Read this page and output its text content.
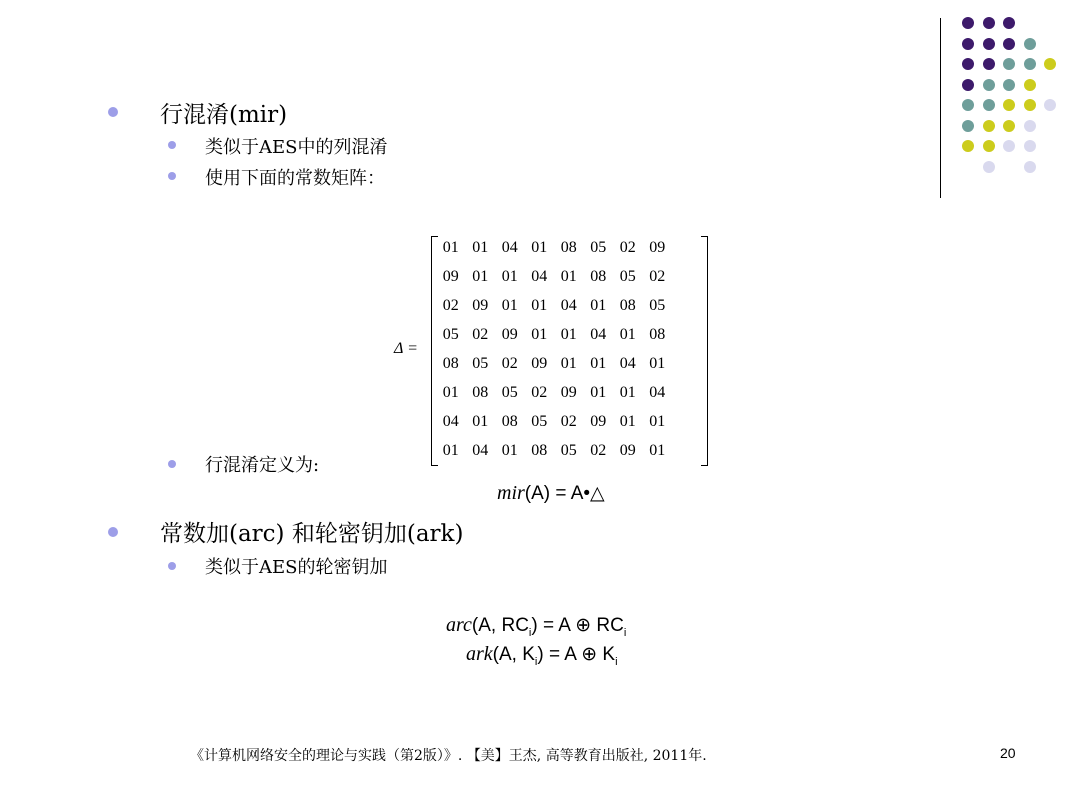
行混淆(mir)
类似于AES中的列混淆
使用下面的常数矩阵：
Δ =
01	01	04	01	08	05	02	09
09	01	01	04	01	08	05	02
02	09	01	01	04	01	08	05
05	02	09	01	01	04	01	08
08	05	02	09	01	01	04	01
01	08	05	02	09	01	01	04
04	01	08	05	02	09	01	01
01	04	01	08	05	02	09	01
行混淆定义为:
mir(A) = A•△
常数加(arc) 和轮密钥加(ark)
类似于AES的轮密钥加
arc(A, $RC_i) = A$ ⊕ $RC_i$
ark(A, $K_i) = A$ ⊕ $K_i$
《计算机网络安全的理论与实践（第2版）》. 【美】王杰, 高等教育出版社, 2011年.	20
